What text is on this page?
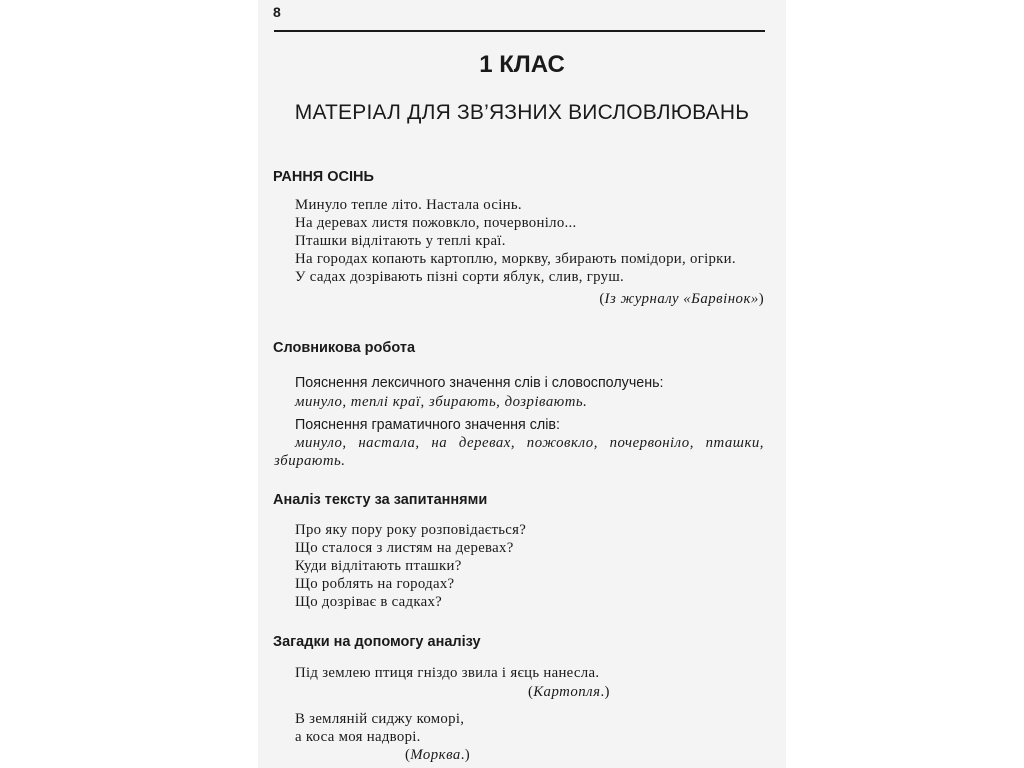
8
1 КЛАС
МАТЕРІАЛ ДЛЯ ЗВ’ЯЗНИХ ВИСЛОВЛЮВАНЬ
РАННЯ ОСІНЬ
Минуло тепле літо. Настала осінь.
На деревах листя пожовкло, почервоніло...
Пташки відлітають у теплі краї.
На городах копають картоплю, моркву, збирають помідори, огірки.
У садах дозрівають пізні сорти яблук, слив, груш.
(Із журналу «Барвінок»)
Словникова робота
Пояснення лексичного значення слів і словосполучень:
минуло, теплі краї, збирають, дозрівають.
Пояснення граматичного значення слів:
минуло, настала, на деревах, пожовкло, почервоніло, пташки,
збирають.
Аналіз тексту за запитаннями
Про яку пору року розповідається?
Що сталося з листям на деревах?
Куди відлітають пташки?
Що роблять на городах?
Що дозріває в садках?
Загадки на допомогу аналізу
Під землею птиця гніздо звила і яєць нанесла.
(Картопля.)
В земляній сиджу коморі,
а коса моя надворі.
(Морква.)
